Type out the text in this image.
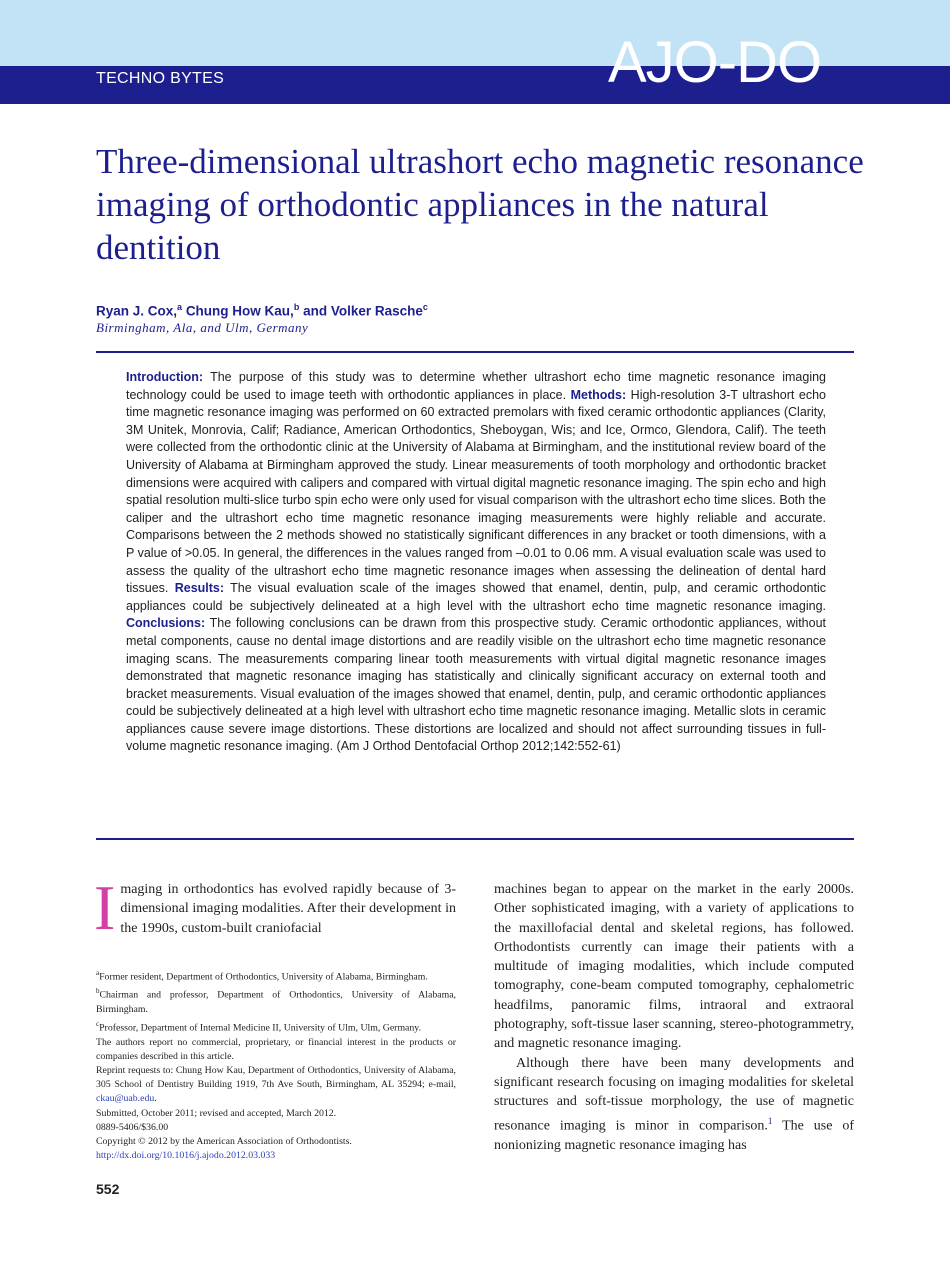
TECHNO BYTES	AJO-DO
Three-dimensional ultrashort echo magnetic resonance imaging of orthodontic appliances in the natural dentition
Ryan J. Cox,$^a$ Chung How Kau,$^b$ and Volker Rasche$^c$
Birmingham, Ala, and Ulm, Germany

Introduction: The purpose of this study was to determine whether ultrashort echo time magnetic resonance imaging technology could be used to image teeth with orthodontic appliances in place. Methods: High-resolution 3-T ultrashort echo time magnetic resonance imaging was performed on 60 extracted premolars with fixed ceramic orthodontic appliances (Clarity, 3M Unitek, Monrovia, Calif; Radiance, American Orthodontics, Sheboygan, Wis; and Ice, Ormco, Glendora, Calif). The teeth were collected from the orthodontic clinic at the University of Alabama at Birmingham, and the institutional review board of the University of Alabama at Birmingham approved the study. Linear measurements of tooth morphology and orthodontic bracket dimensions were acquired with calipers and compared with virtual digital magnetic resonance imaging. The spin echo and high spatial resolution multi-slice turbo spin echo were only used for visual comparison with the ultrashort echo time slices. Both the caliper and the ultrashort echo time magnetic resonance imaging measurements were highly reliable and accurate. Comparisons between the 2 methods showed no statistically significant differences in any bracket or tooth dimensions, with a P value of >0.05. In general, the differences in the values ranged from –0.01 to 0.06 mm. A visual evaluation scale was used to assess the quality of the ultrashort echo time magnetic resonance images when assessing the delineation of dental hard tissues. Results: The visual evaluation scale of the images showed that enamel, dentin, pulp, and ceramic orthodontic appliances could be subjectively delineated at a high level with the ultrashort echo time magnetic resonance imaging. Conclusions: The following conclusions can be drawn from this prospective study. Ceramic orthodontic appliances, without metal components, cause no dental image distortions and are readily visible on the ultrashort echo time magnetic resonance imaging scans. The measurements comparing linear tooth measurements with virtual digital magnetic resonance images demonstrated that magnetic resonance imaging has statistically and clinically significant accuracy on external tooth and bracket measurements. Visual evaluation of the images showed that enamel, dentin, pulp, and ceramic orthodontic appliances could be subjectively delineated at a high level with ultrashort echo time magnetic resonance imaging. Metallic slots in ceramic appliances cause severe image distortions. These distortions are localized and should not affect surrounding tissues in full-volume magnetic resonance imaging. (Am J Orthod Dentofacial Orthop 2012;142:552-61)

Imaging in orthodontics has evolved rapidly because of 3-dimensional imaging modalities. After their development in the 1990s, custom-built craniofacial

$^a$Former resident, Department of Orthodontics, University of Alabama, Birmingham.

$^b$Chairman and professor, Department of Orthodontics, University of Alabama, Birmingham.

$^c$Professor, Department of Internal Medicine II, University of Ulm, Ulm, Germany.

The authors report no commercial, proprietary, or financial interest in the products or companies described in this article.

Reprint requests to: Chung How Kau, Department of Orthodontics, University of Alabama, 305 School of Dentistry Building 1919, 7th Ave South, Birmingham, AL 35294; e-mail, ckau@uab.edu.

Submitted, October 2011; revised and accepted, March 2012.

0889-5406/$36.00

Copyright © 2012 by the American Association of Orthodontists.

http://dx.doi.org/10.1016/j.ajodo.2012.03.033

552

machines began to appear on the market in the early 2000s. Other sophisticated imaging, with a variety of applications to the maxillofacial dental and skeletal regions, has followed. Orthodontists currently can image their patients with a multitude of imaging modalities, which include computed tomography, cone-beam computed tomography, cephalometric headfilms, panoramic films, intraoral and extraoral photography, soft-tissue laser scanning, stereo-photogrammetry, and magnetic resonance imaging.

Although there have been many developments and significant research focusing on imaging modalities for skeletal structures and soft-tissue morphology, the use of magnetic resonance imaging is minor in comparison.$^1$ The use of nonionizing magnetic resonance imaging has
